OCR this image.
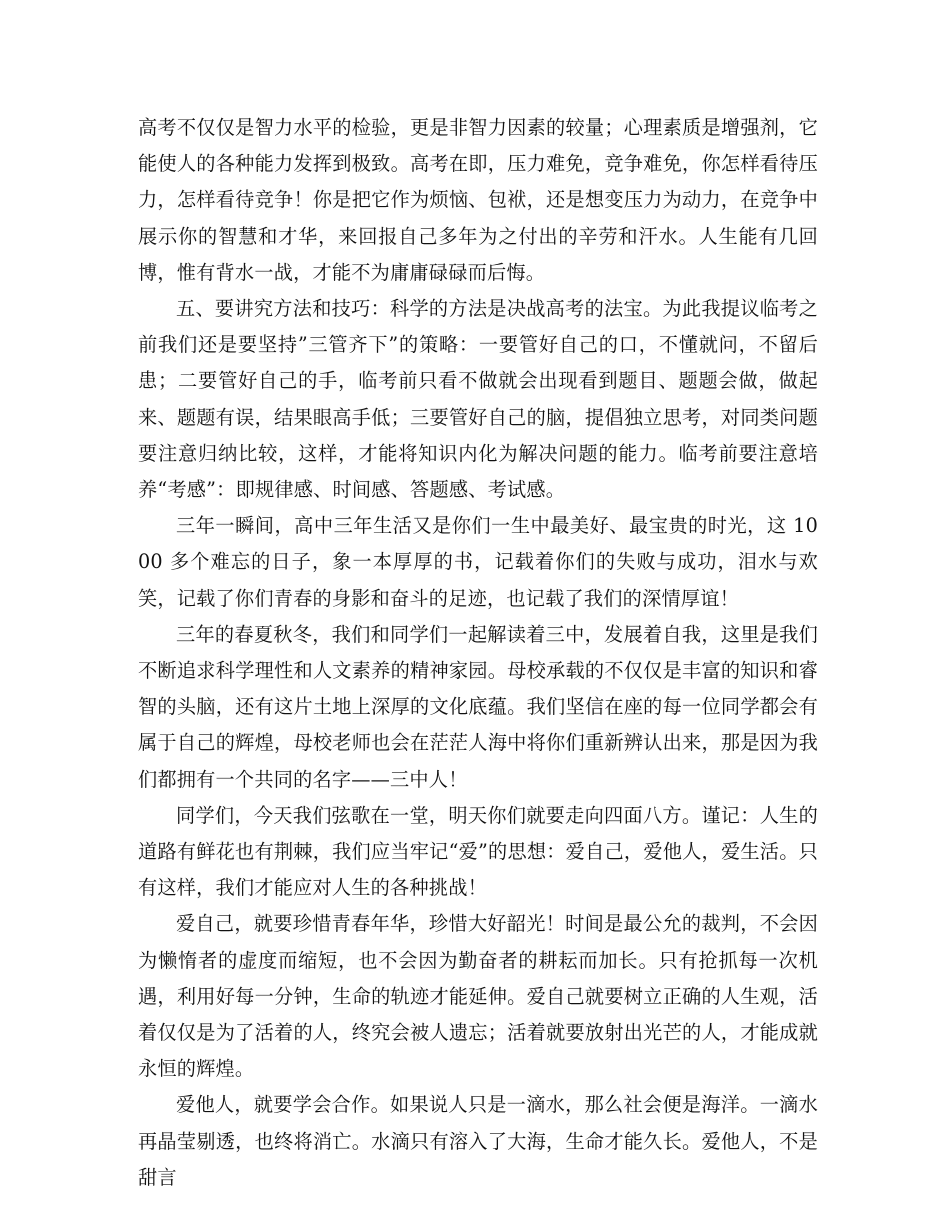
高考不仅仅是智力水平的检验，更是非智力因素的较量；心理素质是增强剂，它能使人的各种能力发挥到极致。高考在即，压力难免，竞争难免，你怎样看待压力，怎样看待竞争！你是把它作为烦恼、包袱，还是想变压力为动力，在竞争中展示你的智慧和才华，来回报自己多年为之付出的辛劳和汗水。人生能有几回博，惟有背水一战，才能不为庸庸碌碌而后悔。

五、要讲究方法和技巧：科学的方法是决战高考的法宝。为此我提议临考之前我们还是要坚持”三管齐下”的策略：一要管好自己的口，不懂就问，不留后患；二要管好自己的手，临考前只看不做就会出现看到题目、题题会做，做起来、题题有误，结果眼高手低；三要管好自己的脑，提倡独立思考，对同类问题要注意归纳比较，这样，才能将知识内化为解决问题的能力。临考前要注意培养“考感”：即规律感、时间感、答题感、考试感。

三年一瞬间，高中三年生活又是你们一生中最美好、最宝贵的时光，这 1000 多个难忘的日子，象一本厚厚的书，记载着你们的失败与成功，泪水与欢笑，记载了你们青春的身影和奋斗的足迹，也记载了我们的深情厚谊！

三年的春夏秋冬，我们和同学们一起解读着三中，发展着自我，这里是我们不断追求科学理性和人文素养的精神家园。母校承载的不仅仅是丰富的知识和睿智的头脑，还有这片土地上深厚的文化底蕴。我们坚信在座的每一位同学都会有属于自己的辉煌，母校老师也会在茫茫人海中将你们重新辨认出来，那是因为我们都拥有一个共同的名字——三中人！

同学们，今天我们弦歌在一堂，明天你们就要走向四面八方。谨记：人生的道路有鲜花也有荆棘，我们应当牢记“爱”的思想：爱自己，爱他人，爱生活。只有这样，我们才能应对人生的各种挑战！

爱自己，就要珍惜青春年华，珍惜大好韶光！时间是最公允的裁判，不会因为懒惰者的虚度而缩短，也不会因为勤奋者的耕耘而加长。只有抢抓每一次机遇，利用好每一分钟，生命的轨迹才能延伸。爱自己就要树立正确的人生观，活着仅仅是为了活着的人，终究会被人遗忘；活着就要放射出光芒的人，才能成就永恒的辉煌。

爱他人，就要学会合作。如果说人只是一滴水，那么社会便是海洋。一滴水再晶莹剔透，也终将消亡。水滴只有溶入了大海，生命才能久长。爱他人，不是甜言
